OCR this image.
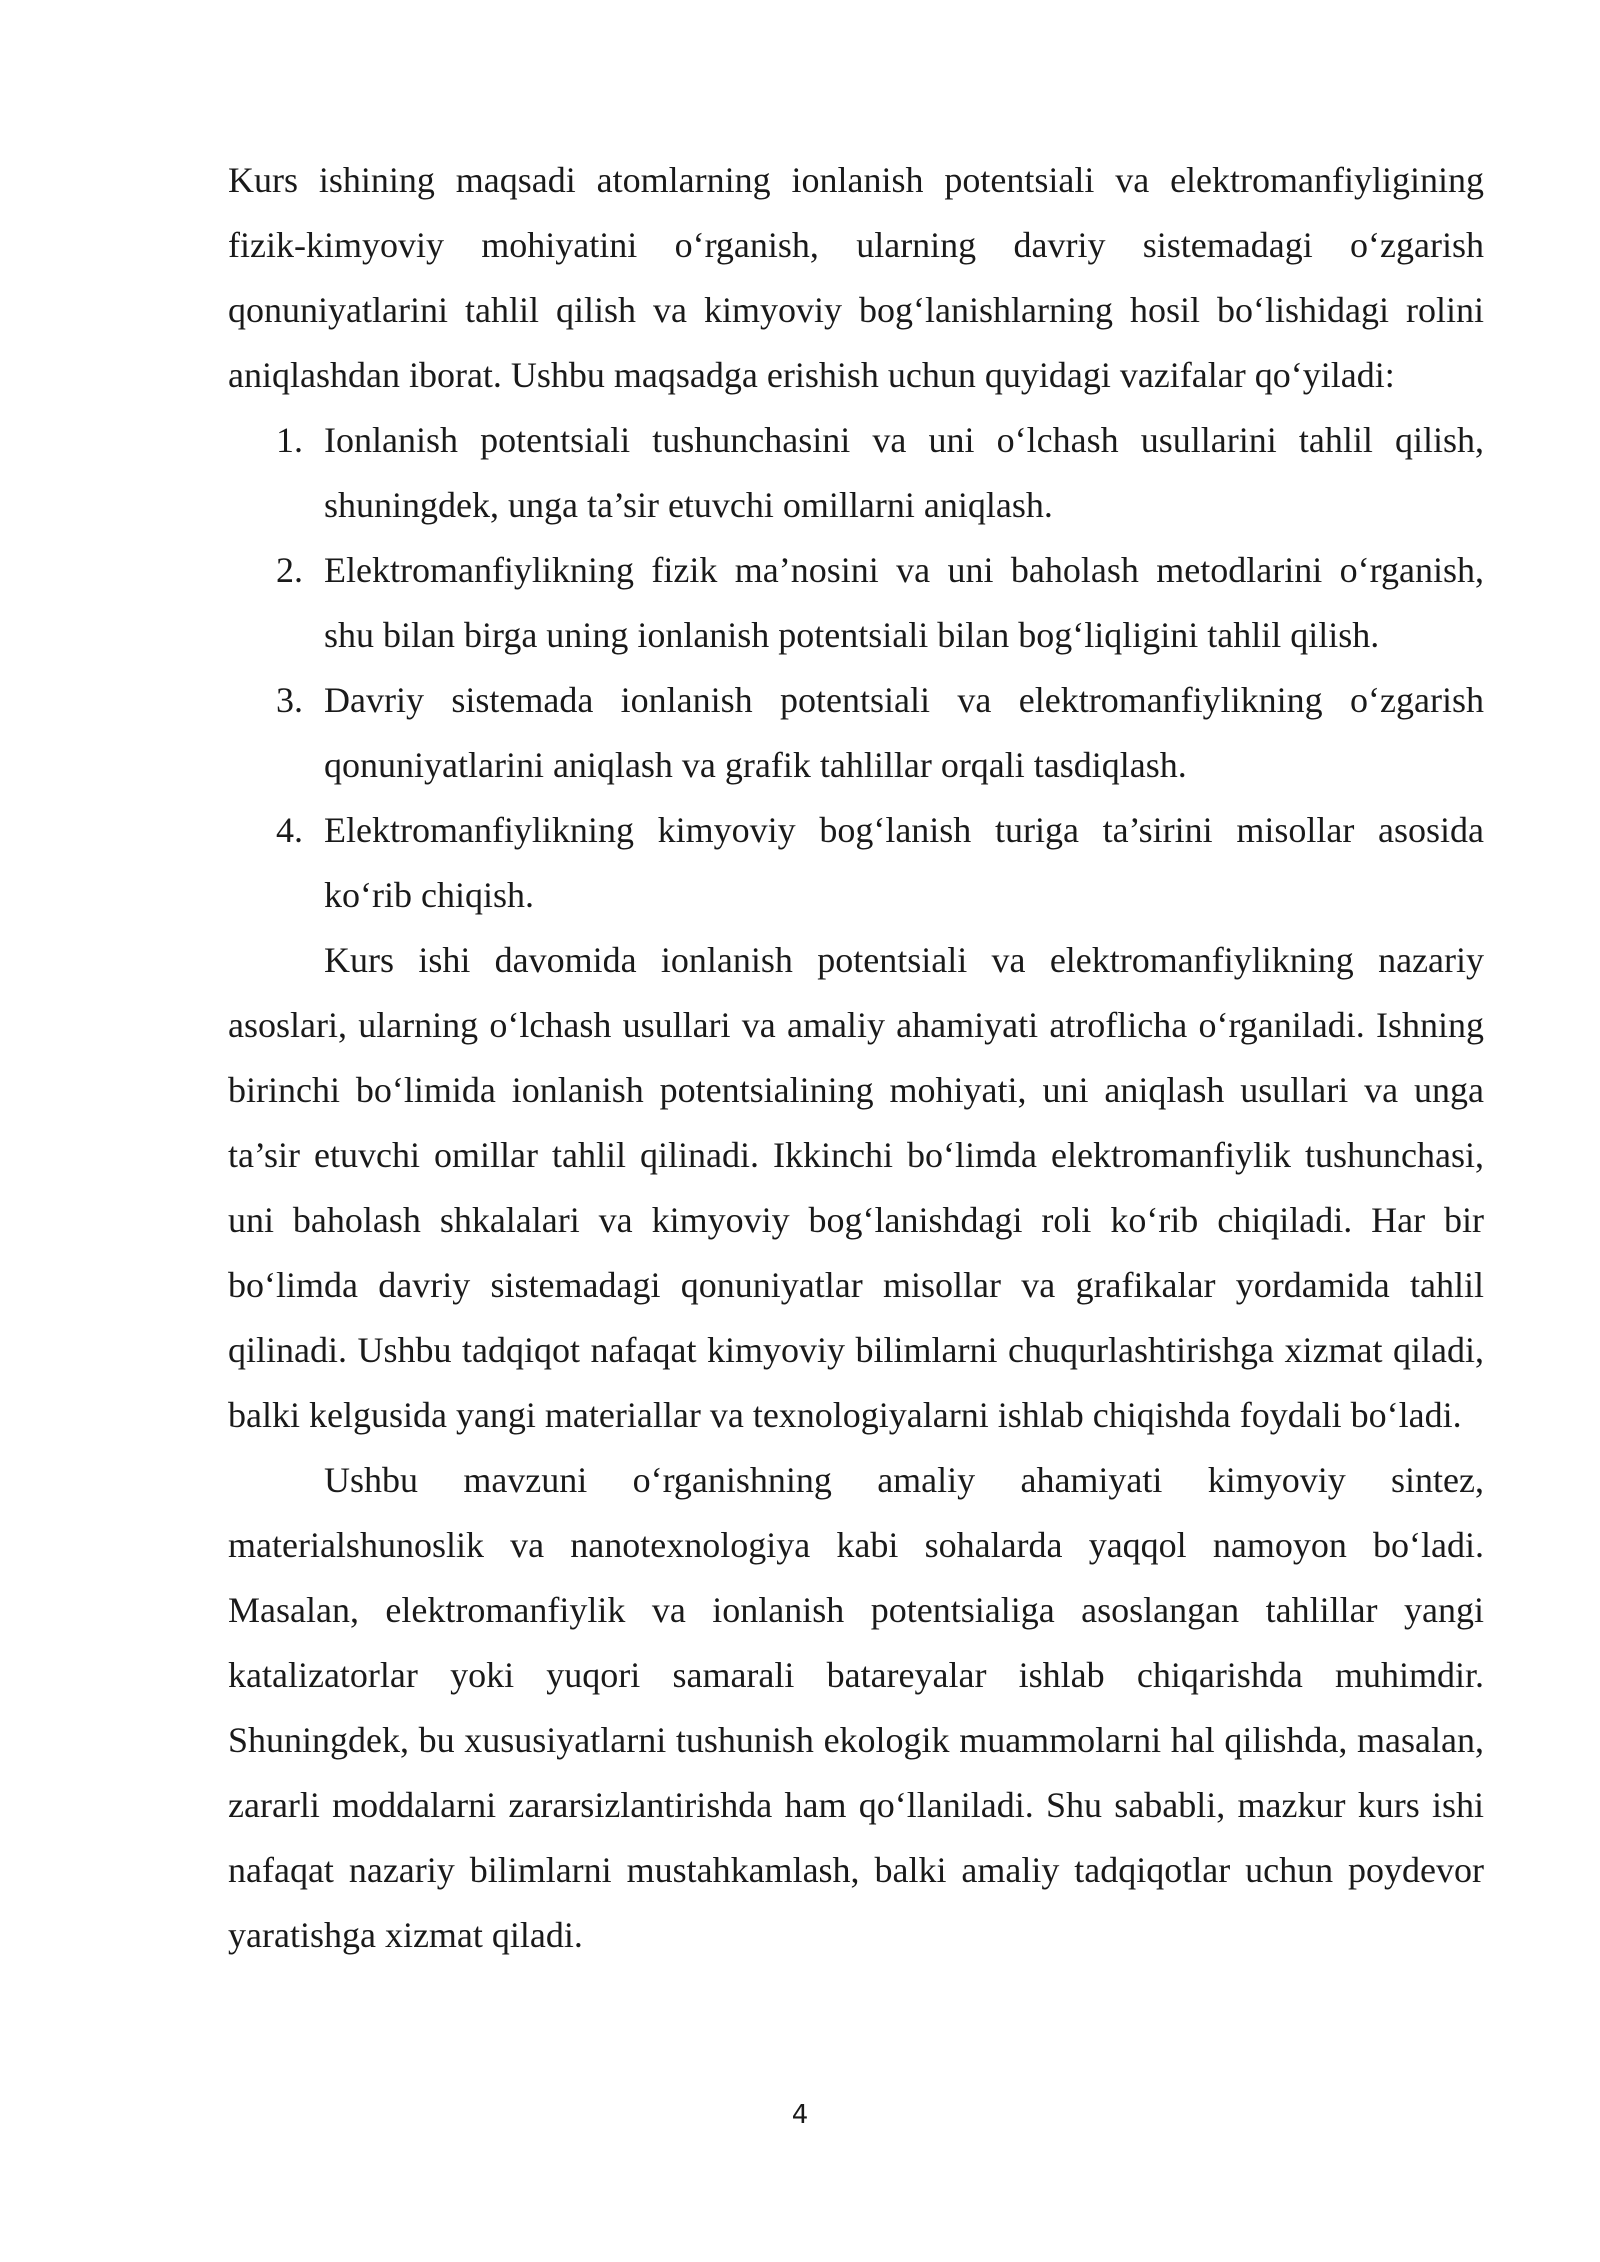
Kurs ishining maqsadi atomlarning ionlanish potentsiali va elektromanfiyligining fizik-kimyoviy mohiyatini o‘rganish, ularning davriy sistemadagi o‘zgarish qonuniyatlarini tahlil qilish va kimyoviy bog‘lanishlarning hosil bo‘lishidagi rolini aniqlashdan iborat. Ushbu maqsadga erishish uchun quyidagi vazifalar qo‘yiladi:

1. Ionlanish potentsiali tushunchasini va uni o‘lchash usullarini tahlil qilish, shuningdek, unga ta’sir etuvchi omillarni aniqlash.
2. Elektromanfiylikning fizik ma’nosini va uni baholash metodlarini o‘rganish, shu bilan birga uning ionlanish potentsiali bilan bog‘liqligini tahlil qilish.
3. Davriy sistemada ionlanish potentsiali va elektromanfiylikning o‘zgarish qonuniyatlarini aniqlash va grafik tahlillar orqali tasdiqlash.
4. Elektromanfiylikning kimyoviy bog‘lanish turiga ta’sirini misollar asosida ko‘rib chiqish.

Kurs ishi davomida ionlanish potentsiali va elektromanfiylikning nazariy asoslari, ularning o‘lchash usullari va amaliy ahamiyati atroflicha o‘rganiladi. Ishning birinchi bo‘limida ionlanish potentsialining mohiyati, uni aniqlash usullari va unga ta’sir etuvchi omillar tahlil qilinadi. Ikkinchi bo‘limda elektromanfiylik tushunchasi, uni baholash shkalalari va kimyoviy bog‘lanishdagi roli ko‘rib chiqiladi. Har bir bo‘limda davriy sistemadagi qonuniyatlar misollar va grafikalar yordamida tahlil qilinadi. Ushbu tadqiqot nafaqat kimyoviy bilimlarni chuqurlashtirishga xizmat qiladi, balki kelgusida yangi materiallar va texnologiyalarni ishlab chiqishda foydali bo‘ladi.

Ushbu mavzuni o‘rganishning amaliy ahamiyati kimyoviy sintez, materialshunoslik va nanotexnologiya kabi sohalarda yaqqol namoyon bo‘ladi. Masalan, elektromanfiylik va ionlanish potentsialiga asoslangan tahlillar yangi katalizatorlar yoki yuqori samarali batareyalar ishlab chiqarishda muhimdir. Shuningdek, bu xususiyatlarni tushunish ekologik muammolarni hal qilishda, masalan, zararli moddalarni zararsizlantirishda ham qo‘llaniladi. Shu sababli, mazkur kurs ishi nafaqat nazariy bilimlarni mustahkamlash, balki amaliy tadqiqotlar uchun poydevor yaratishga xizmat qiladi.

4
